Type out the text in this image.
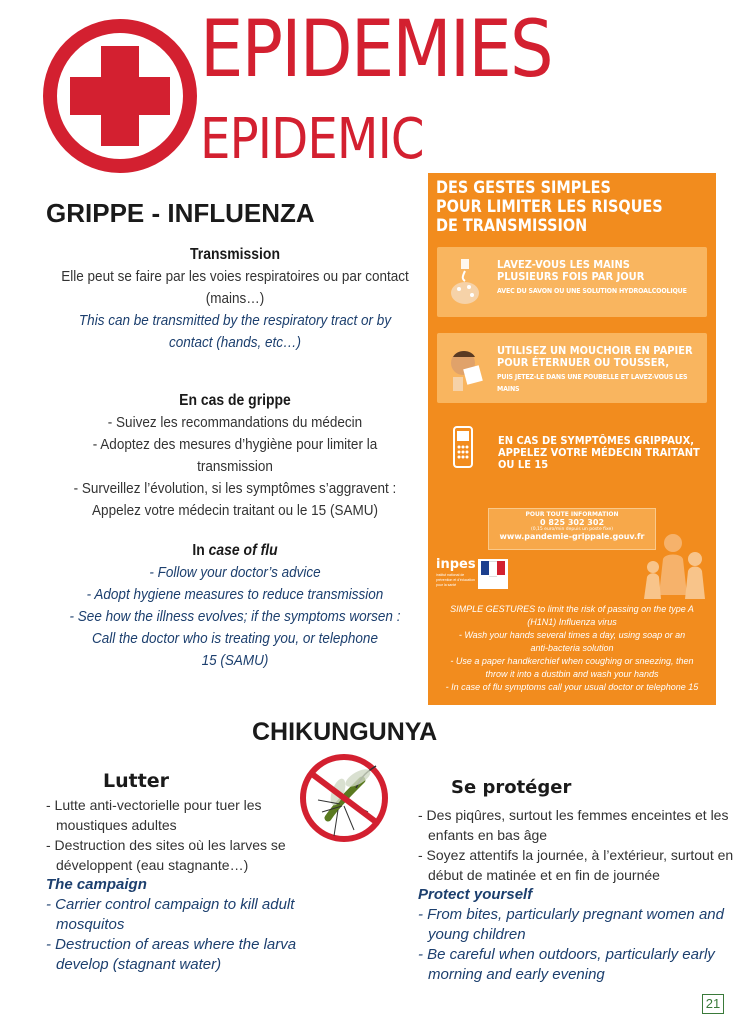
EPIDEMIES
EPIDEMIC
GRIPPE - INFLUENZA
Transmission
Elle peut se faire par les voies respiratoires ou par contact
(mains…)
This can be transmitted by the respiratory tract or by
contact (hands, etc…)
En cas de grippe
- Suivez les recommandations du médecin
- Adoptez des mesures d’hygiène pour limiter la transmission
- Surveillez l’évolution, si les symptômes s’aggravent :
Appelez votre médecin traitant ou le 15 (SAMU)
In case of flu
- Follow your doctor’s advice
- Adopt hygiene measures to reduce transmission
- See how the illness evolves; if the symptoms worsen :
Call the doctor who is treating you, or telephone
15 (SAMU)
DES GESTES SIMPLES
POUR LIMITER LES RISQUES
DE TRANSMISSION
LAVEZ-VOUS LES MAINS
PLUSIEURS FOIS PAR JOUR
AVEC DU SAVON OU UNE SOLUTION HYDROALCOOLIQUE
UTILISEZ UN MOUCHOIR EN PAPIER
POUR ÉTERNUER OU TOUSSER,
PUIS JETEZ-LE DANS UNE POUBELLE ET LAVEZ-VOUS LES MAINS
EN CAS DE SYMPTÔMES GRIPPAUX,
APPELEZ VOTRE MÉDECIN TRAITANT
OU LE 15
POUR TOUTE INFORMATION
0 825 302 302
(0,15 euro/min depuis un poste fixe)
www.pandemie-grippale.gouv.fr
inpes
institut national de prévention et d'éducation pour la santé
SIMPLE GESTURES to limit the risk of passing on the type A
(H1N1) Influenza virus
- Wash your hands several times a day, using soap or an
anti-bacteria solution
- Use a paper handkerchief when coughing or sneezing, then
throw it into a dustbin and wash your hands
- In case of flu symptoms call your usual doctor or telephone 15
CHIKUNGUNYA
Lutter
- Lutte anti-vectorielle pour tuer les moustiques adultes
- Destruction des sites où les larves se développent (eau stagnante…)
The campaign
- Carrier control campaign to kill adult mosquitos
- Destruction of areas where the larva develop (stagnant water)
Se protéger
- Des piqûres, surtout les femmes enceintes et les enfants en bas âge
- Soyez attentifs la journée, à l’extérieur, surtout en début de matinée et en fin de journée
Protect yourself
- From bites, particularly pregnant women and young children
- Be careful when outdoors, particularly early morning and early evening
21
